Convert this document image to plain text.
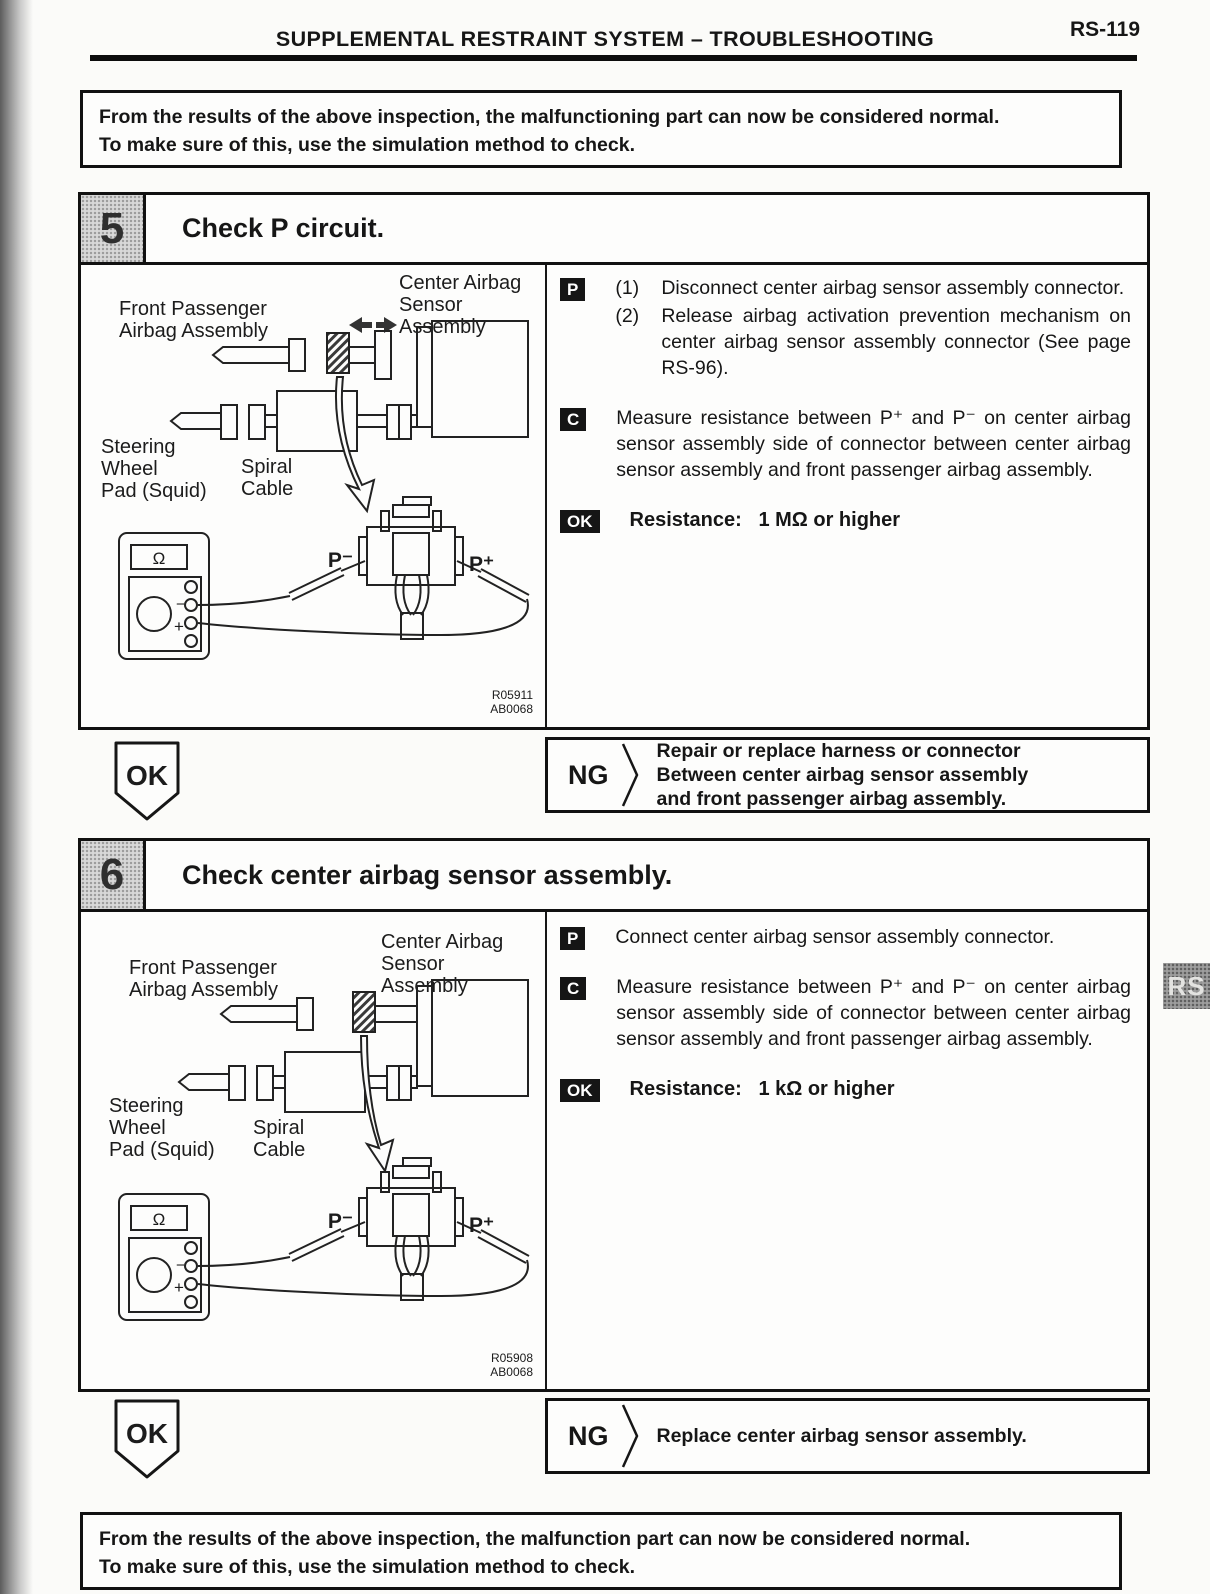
SUPPLEMENTAL RESTRAINT SYSTEM – TROUBLESHOOTING	RS-119
From the results of the above inspection, the malfunctioning part can now be considered normal.
To make sure of this, use the simulation method to check.
5	Check P circuit.
Front Passenger
Airbag Assembly
Center Airbag
Sensor
Assembly
Steering
Wheel
Pad (Squid)
Spiral
Cable
P⁻	P⁺
Ω
−
+
R05911
AB0068
P	(1)	Disconnect center airbag sensor assembly connector.
(2)	Release airbag activation prevention mechanism on center airbag sensor assembly connector (See page RS-96).
C	Measure resistance between P⁺ and P⁻ on center airbag sensor assembly side of connector between center airbag sensor assembly and front passenger airbag assembly.
OK	Resistance:   1 MΩ or higher
OK	NG
Repair or replace harness or connector
Between center airbag sensor assembly
and front passenger airbag assembly.
6	Check center airbag sensor assembly.
Front Passenger
Airbag Assembly
Center Airbag
Sensor
Assembly
Steering
Wheel
Pad (Squid)
Spiral
Cable
P⁻	P⁺
Ω
−
+
R05908
AB0068
P	Connect center airbag sensor assembly connector.
C	Measure resistance between P⁺ and P⁻ on center airbag sensor assembly side of connector between center airbag sensor assembly and front passenger airbag assembly.
OK	Resistance:   1 kΩ or higher
OK	NG Replace center airbag sensor assembly.
From the results of the above inspection, the malfunction part can now be considered normal.
To make sure of this, use the simulation method to check.
RS
